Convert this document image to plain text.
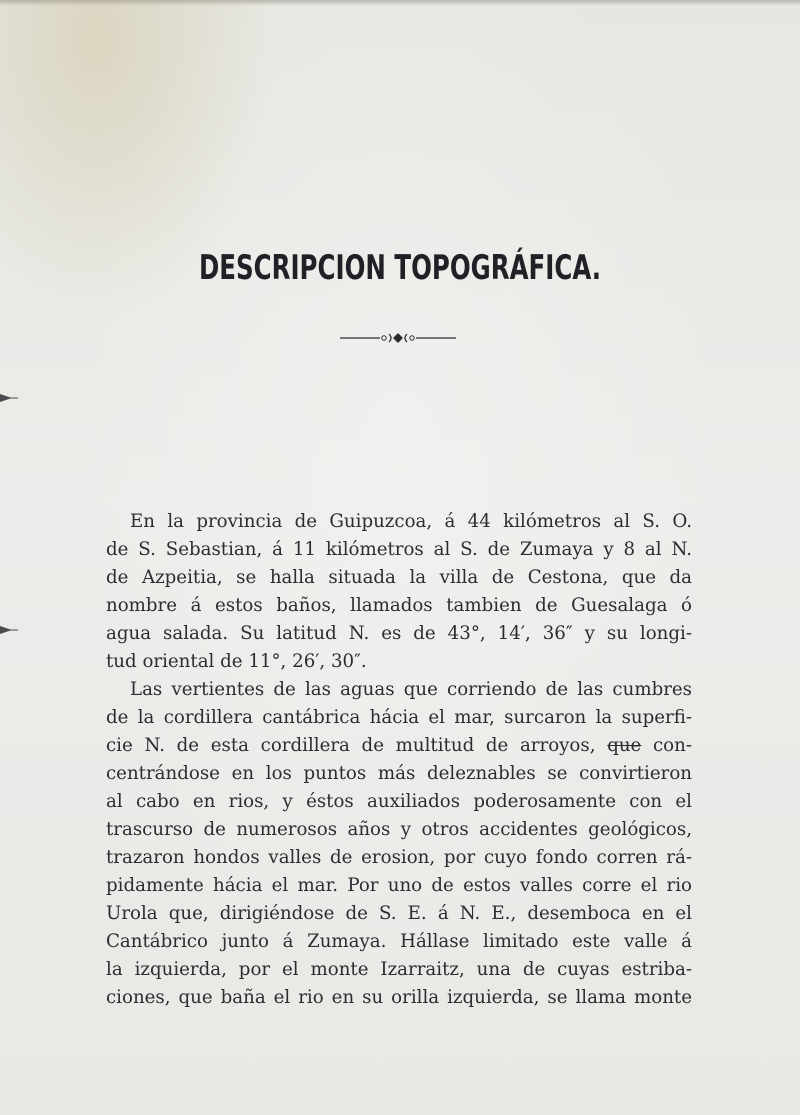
DESCRIPCION TOPOGRÁFICA.

En la provincia de Guipuzcoa, á 44 kilómetros al S. O.
de S. Sebastian, á 11 kilómetros al S. de Zumaya y 8 al N.
de Azpeitia, se halla situada la villa de Cestona, que da
nombre á estos baños, llamados tambien de Guesalaga ó
agua salada. Su latitud N. es de 43°, 14′, 36″ y su longi-
tud oriental de 11°, 26′, 30″.

Las vertientes de las aguas que corriendo de las cumbres
de la cordillera cantábrica hácia el mar, surcaron la superfi-
cie N. de esta cordillera de multitud de arroyos, que con-
centrándose en los puntos más deleznables se convirtieron
al cabo en rios, y éstos auxiliados poderosamente con el
trascurso de numerosos años y otros accidentes geológicos,
trazaron hondos valles de erosion, por cuyo fondo corren rá-
pidamente hácia el mar. Por uno de estos valles corre el rio
Urola que, dirigiéndose de S. E. á N. E., desemboca en el
Cantábrico junto á Zumaya. Hállase limitado este valle á
la izquierda, por el monte Izarraitz, una de cuyas estriba-
ciones, que baña el rio en su orilla izquierda, se llama monte
